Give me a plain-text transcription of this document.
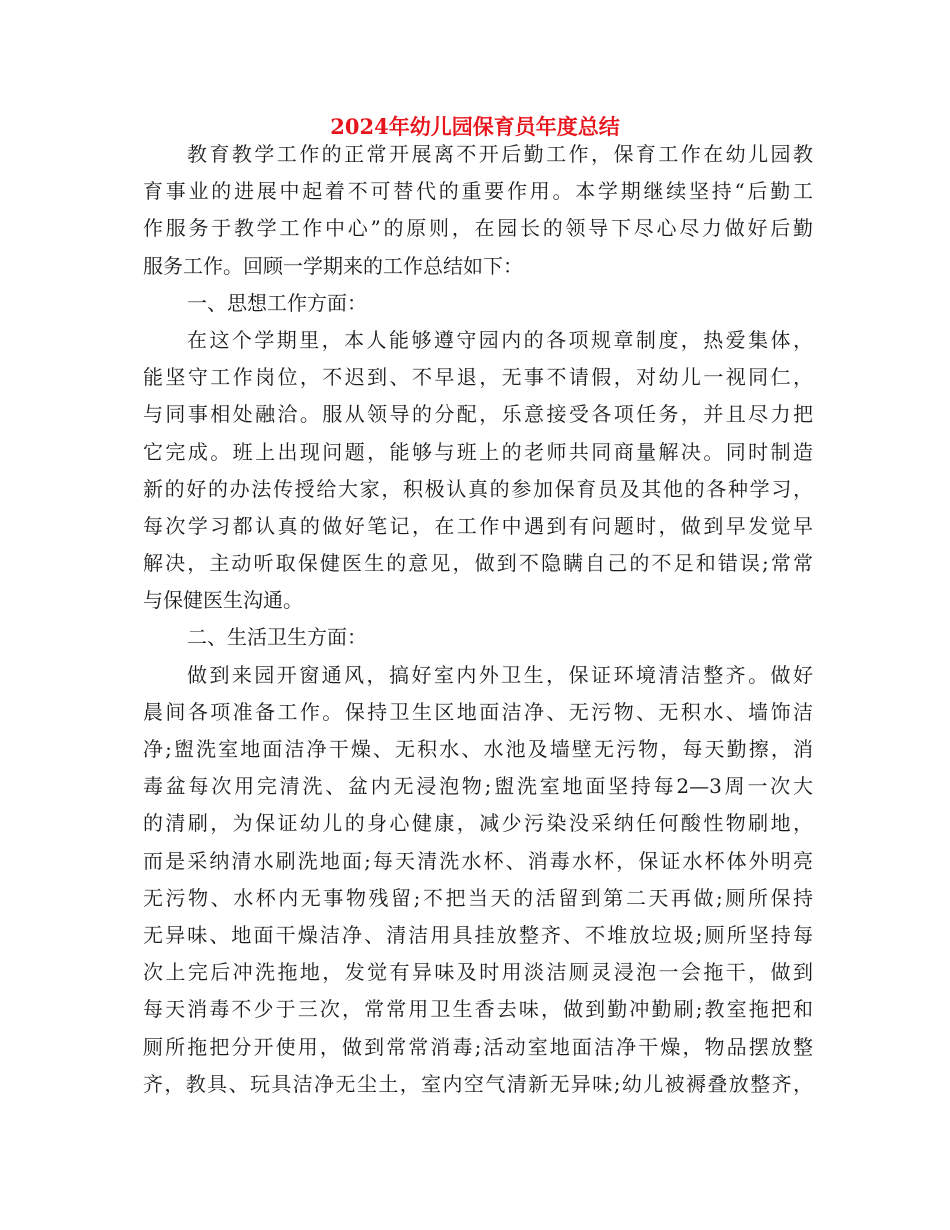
2024年幼儿园保育员年度总结
教育教学工作的正常开展离不开后勤工作，保育工作在幼儿园教
育事业的进展中起着不可替代的重要作用。本学期继续坚持“后勤工
作服务于教学工作中心”的原则，在园长的领导下尽心尽力做好后勤
服务工作。回顾一学期来的工作总结如下：
一、思想工作方面：
在这个学期里，本人能够遵守园内的各项规章制度，热爱集体，
能坚守工作岗位，不迟到、不早退，无事不请假，对幼儿一视同仁，
与同事相处融洽。服从领导的分配，乐意接受各项任务，并且尽力把
它完成。班上出现问题，能够与班上的老师共同商量解决。同时制造
新的好的办法传授给大家，积极认真的参加保育员及其他的各种学习，
每次学习都认真的做好笔记，在工作中遇到有问题时，做到早发觉早
解决，主动听取保健医生的意见，做到不隐瞒自己的不足和错误;常常
与保健医生沟通。
二、生活卫生方面：
做到来园开窗通风，搞好室内外卫生，保证环境清洁整齐。做好
晨间各项准备工作。保持卫生区地面洁净、无污物、无积水、墙饰洁
净;盥洗室地面洁净干燥、无积水、水池及墙壁无污物，每天勤擦，消
毒盆每次用完清洗、盆内无浸泡物;盥洗室地面坚持每2—3周一次大
的清刷，为保证幼儿的身心健康，减少污染没采纳任何酸性物刷地，
而是采纳清水刷洗地面;每天清洗水杯、消毒水杯，保证水杯体外明亮
无污物、水杯内无事物残留;不把当天的活留到第二天再做;厕所保持
无异味、地面干燥洁净、清洁用具挂放整齐、不堆放垃圾;厕所坚持每
次上完后冲洗拖地，发觉有异味及时用淡洁厕灵浸泡一会拖干，做到
每天消毒不少于三次，常常用卫生香去味，做到勤冲勤刷;教室拖把和
厕所拖把分开使用，做到常常消毒;活动室地面洁净干燥，物品摆放整
齐，教具、玩具洁净无尘土，室内空气清新无异味;幼儿被褥叠放整齐，
